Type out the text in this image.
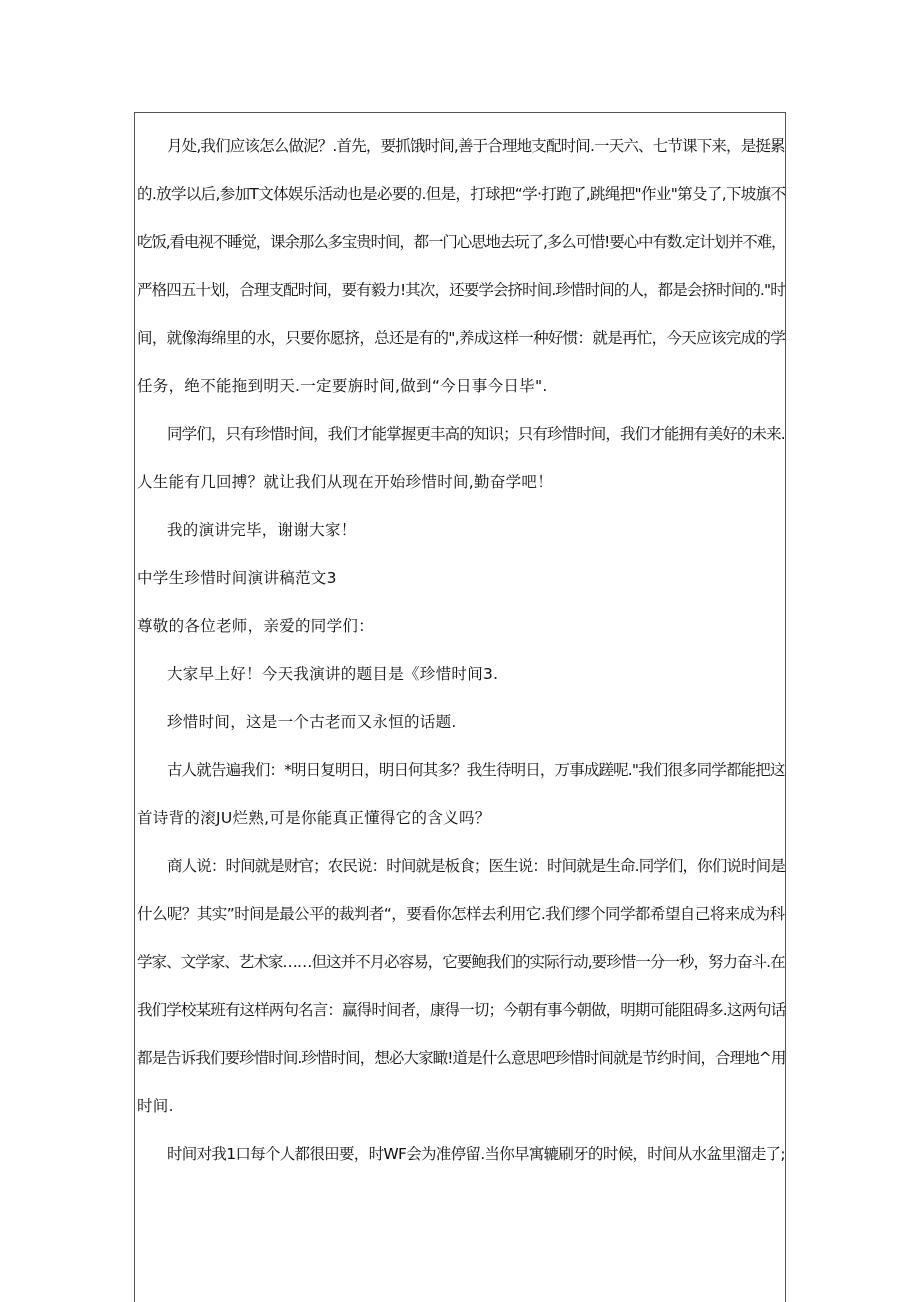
月处,我们应该怎么做泥？.首先，要抓饿时间,善于合理地支配时间.一天六、七节课下来，是挺累
的.放学以后,参加T文体娱乐活动也是必要的.但是，打球把“学·打跑了,跳绳把"作业"第殳了,下坡旗不
吃饭,看电视不睡觉，课余那么多宝贵时间，都一门心思地去玩了,多么可惜!要心中有数.定计划并不难，
严格四五十划，合理支配时间，要有毅力!其次，还要学会挤时间.珍惜时间的人，都是会挤时间的."时
间，就像海绵里的水，只要你愿挤，总还是有的",养成这样一种好惯：就是再忙，今天应该完成的学
任务，绝不能拖到明天.一定要旃时间,做到“今日事今日毕".
同学们，只有珍惜时间，我们才能掌握更丰高的知识；只有珍惜时间，我们才能拥有美好的未来.
人生能有几回搏？就让我们从现在开始珍惜时间,勤奋学吧！
我的演讲完毕，谢谢大家！
中学生珍惜时间演讲稿范文3
尊敬的各位老师，亲爱的同学们：
大家早上好！今天我演讲的题目是《珍惜时间3.
珍惜时间，这是一个古老而又永恒的话题.
古人就告遍我们：*明日复明日，明日何其多？我生待明日，万事成蹉呢."我们很多同学都能把这
首诗背的滚JU烂熟,可是你能真正懂得它的含义吗？
商人说：时间就是财官；农民说：时间就是板食；医生说：时间就是生命.同学们，你们说时间是
什么呢？其实”时间是最公平的裁判者“，要看你怎样去利用它.我们缪个同学都希望自己将来成为科
学家、文学家、艺术家……但这并不月必容易，它要鲍我们的实际行动,要珍惜一分一秒，努力奋斗.在
我们学校某班有这样两句名言：赢得时间者，康得一切；今朝有事今朝做，明期可能阻碍多.这两句话
都是告诉我们要珍惜时间.珍惜时间，想必大家瞰!道是什么意思吧珍惜时间就是节约时间，合理地^用
时间.
时间对我1口每个人都很田要，时WF会为准停留.当你早寓辘刷牙的时候，时间从水盆里溜走了;
